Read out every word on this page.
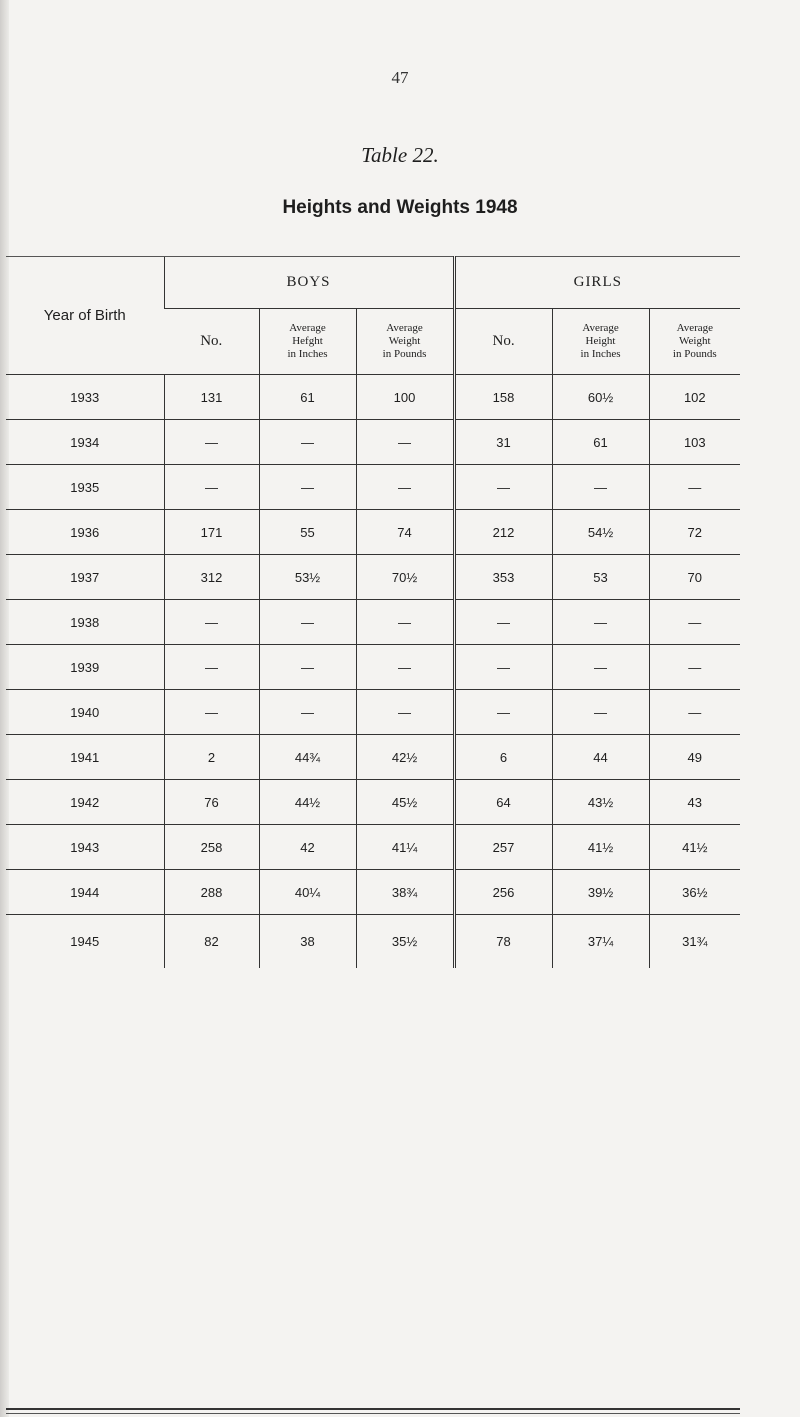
47
Table 22.
Heights and Weights 1948
Year of Birth	BOYS			GIRLS		
	No.	Average
Hefght
in Inches	Average
Weight
in Pounds	No.	Average
Height
in Inches	Average
Weight
in Pounds

1933	131	61	100	158	60½	102
1934	—	—	—	31	61	103
1935	—	—	—	—	—	—
1936	171	55	74	212	54½	72
1937	312	53½	70½	353	53	70
1938	—	—	—	—	—	—
1939	—	—	—	—	—	—
1940	—	—	—	—	—	—
1941	2	44¾	42½	6	44	49
1942	76	44½	45½	64	43½	43
1943	258	42	41¼	257	41½	41½
1944	288	40¼	38¾	256	39½	36½
1945	82	38	35½	78	37¼	31¾
